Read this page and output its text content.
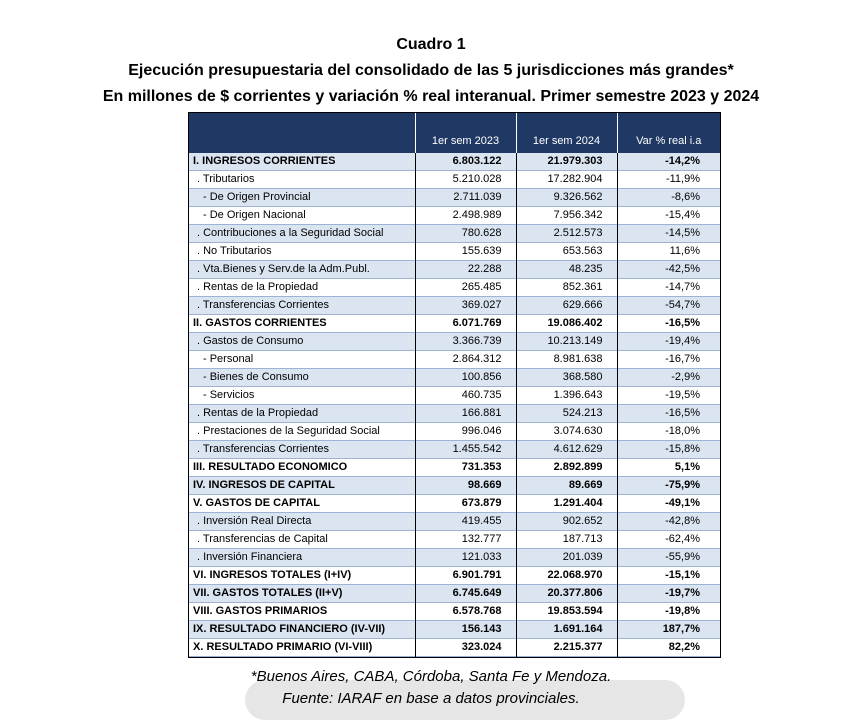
Cuadro 1
Ejecución presupuestaria del consolidado de las 5 jurisdicciones más grandes*
En millones de $ corrientes y variación % real interanual. Primer semestre 2023 y 2024
	1er sem 2023	1er sem 2024	Var % real i.a
I. INGRESOS CORRIENTES	6.803.122	21.979.303	-14,2%
. Tributarios	5.210.028	17.282.904	-11,9%
- De Origen Provincial	2.711.039	9.326.562	-8,6%
- De Origen Nacional	2.498.989	7.956.342	-15,4%
. Contribuciones a la Seguridad Social	780.628	2.512.573	-14,5%
. No Tributarios	155.639	653.563	11,6%
. Vta.Bienes y Serv.de la Adm.Publ.	22.288	48.235	-42,5%
. Rentas de la Propiedad	265.485	852.361	-14,7%
. Transferencias Corrientes	369.027	629.666	-54,7%
II. GASTOS CORRIENTES	6.071.769	19.086.402	-16,5%
. Gastos de Consumo	3.366.739	10.213.149	-19,4%
- Personal	2.864.312	8.981.638	-16,7%
- Bienes de Consumo	100.856	368.580	-2,9%
- Servicios	460.735	1.396.643	-19,5%
. Rentas de la Propiedad	166.881	524.213	-16,5%
. Prestaciones de la Seguridad Social	996.046	3.074.630	-18,0%
. Transferencias Corrientes	1.455.542	4.612.629	-15,8%
III. RESULTADO ECONOMICO	731.353	2.892.899	5,1%
IV. INGRESOS DE CAPITAL	98.669	89.669	-75,9%
V. GASTOS DE CAPITAL	673.879	1.291.404	-49,1%
. Inversión Real Directa	419.455	902.652	-42,8%
. Transferencias de Capital	132.777	187.713	-62,4%
. Inversión Financiera	121.033	201.039	-55,9%
VI. INGRESOS TOTALES (I+IV)	6.901.791	22.068.970	-15,1%
VII. GASTOS TOTALES (II+V)	6.745.649	20.377.806	-19,7%
VIII. GASTOS PRIMARIOS	6.578.768	19.853.594	-19,8%
IX. RESULTADO FINANCIERO (IV-VII)	156.143	1.691.164	187,7%
X. RESULTADO PRIMARIO (VI-VIII)	323.024	2.215.377	82,2%
*Buenos Aires, CABA, Córdoba, Santa Fe y Mendoza.
Fuente: IARAF en base a datos provinciales.
